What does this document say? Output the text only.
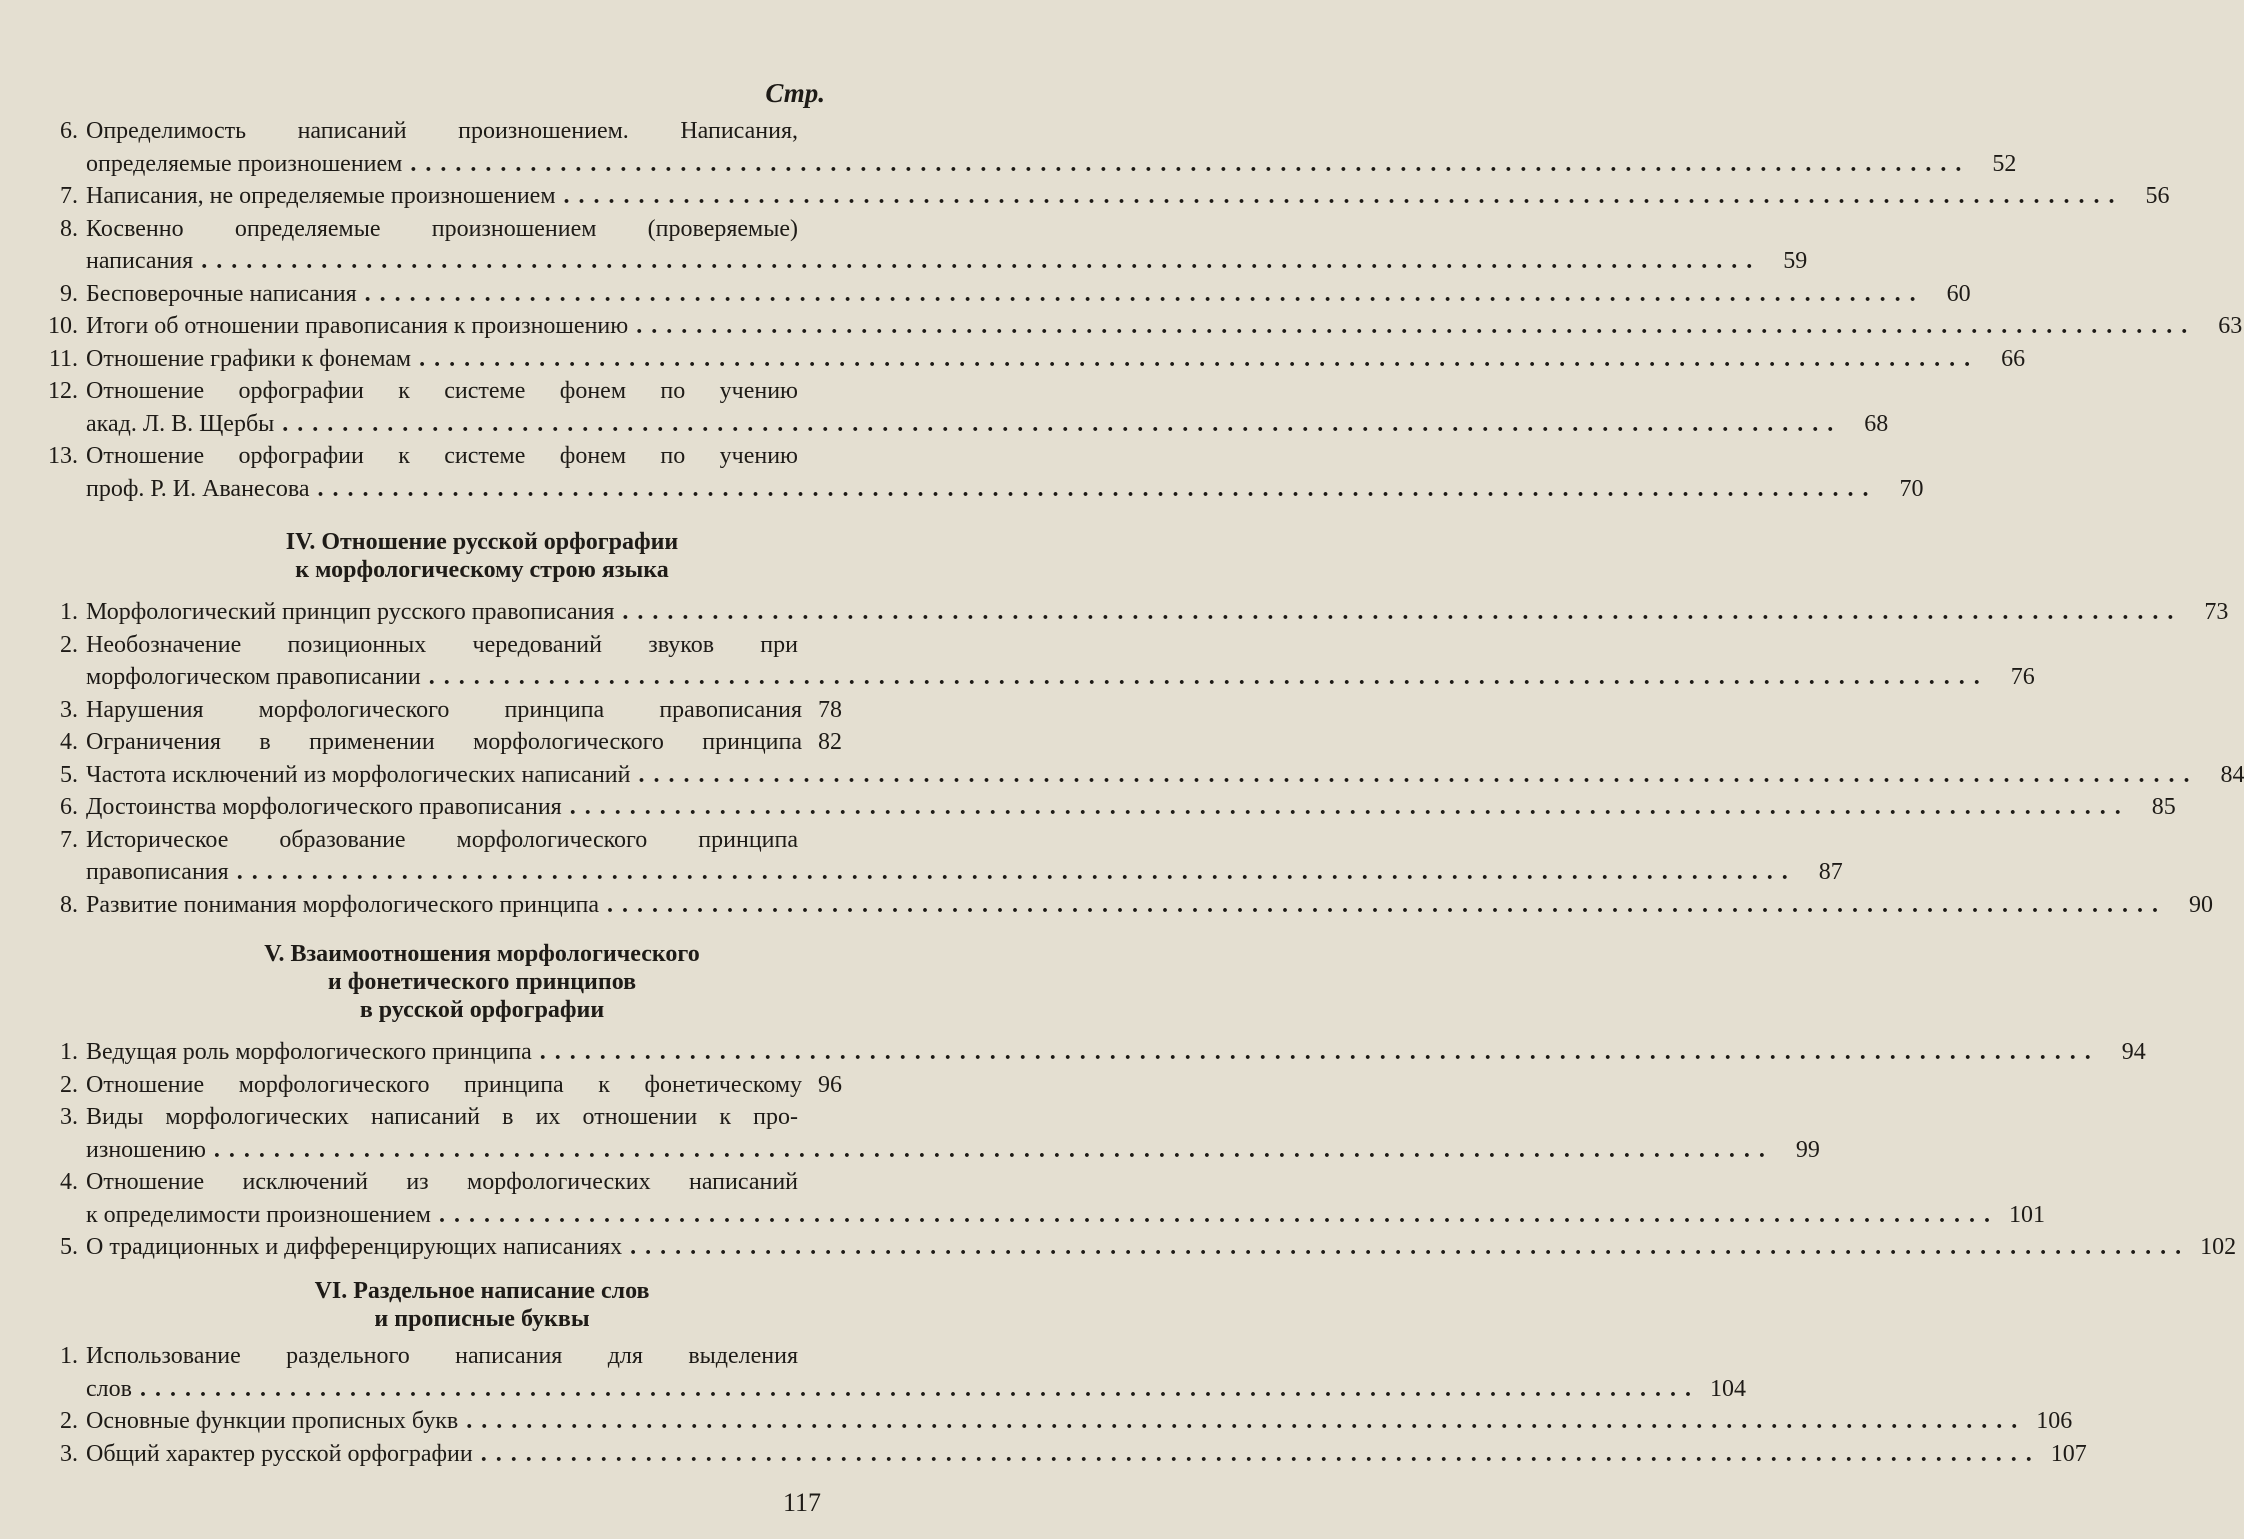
Стр.
6. Определимость написаний произношением. Написания,
определяемые произношением ........................................................................................................ 52
7. Написания, не определяемые произношением ........................................................................................................ 56
8. Косвенно определяемые произношением (проверяемые)
написания ........................................................................................................ 59
9. Бесповерочные написания ........................................................................................................ 60
10. Итоги об отношении правописания к произношению ........................................................................................................ 63
11. Отношение графики к фонемам ........................................................................................................ 66
12. Отношение орфографии к системе фонем по учению
акад. Л. В. Щербы ........................................................................................................ 68
13. Отношение орфографии к системе фонем по учению
проф. Р. И. Аванесова ........................................................................................................ 70
IV. Отношение русской орфографии
к морфологическому строю языка
1. Морфологический принцип русского правописания ........................................................................................................ 73
2. Необозначение позиционных чередований звуков при
морфологическом правописании ........................................................................................................ 76
3. Нарушения морфологического принципа правописания 78
4. Ограничения в применении морфологического принципа 82
5. Частота исключений из морфологических написаний ........................................................................................................ 84
6. Достоинства морфологического правописания ........................................................................................................ 85
7. Историческое образование морфологического принципа
правописания ........................................................................................................ 87
8. Развитие понимания морфологического принципа ........................................................................................................ 90
V. Взаимоотношения морфологического
и фонетического принципов
в русской орфографии
1. Ведущая роль морфологического принципа ........................................................................................................ 94
2. Отношение морфологического принципа к фонетическому 96
3. Виды морфологических написаний в их отношении к про-
изношению ........................................................................................................ 99
4. Отношение исключений из морфологических написаний
к определимости произношением ........................................................................................................ 101
5. О традиционных и дифференцирующих написаниях ........................................................................................................ 102
VI. Раздельное написание слов
и прописные буквы
1. Использование раздельного написания для выделения
слов ........................................................................................................ 104
2. Основные функции прописных букв ........................................................................................................ 106
3. Общий характер русской орфографии ........................................................................................................ 107
117
